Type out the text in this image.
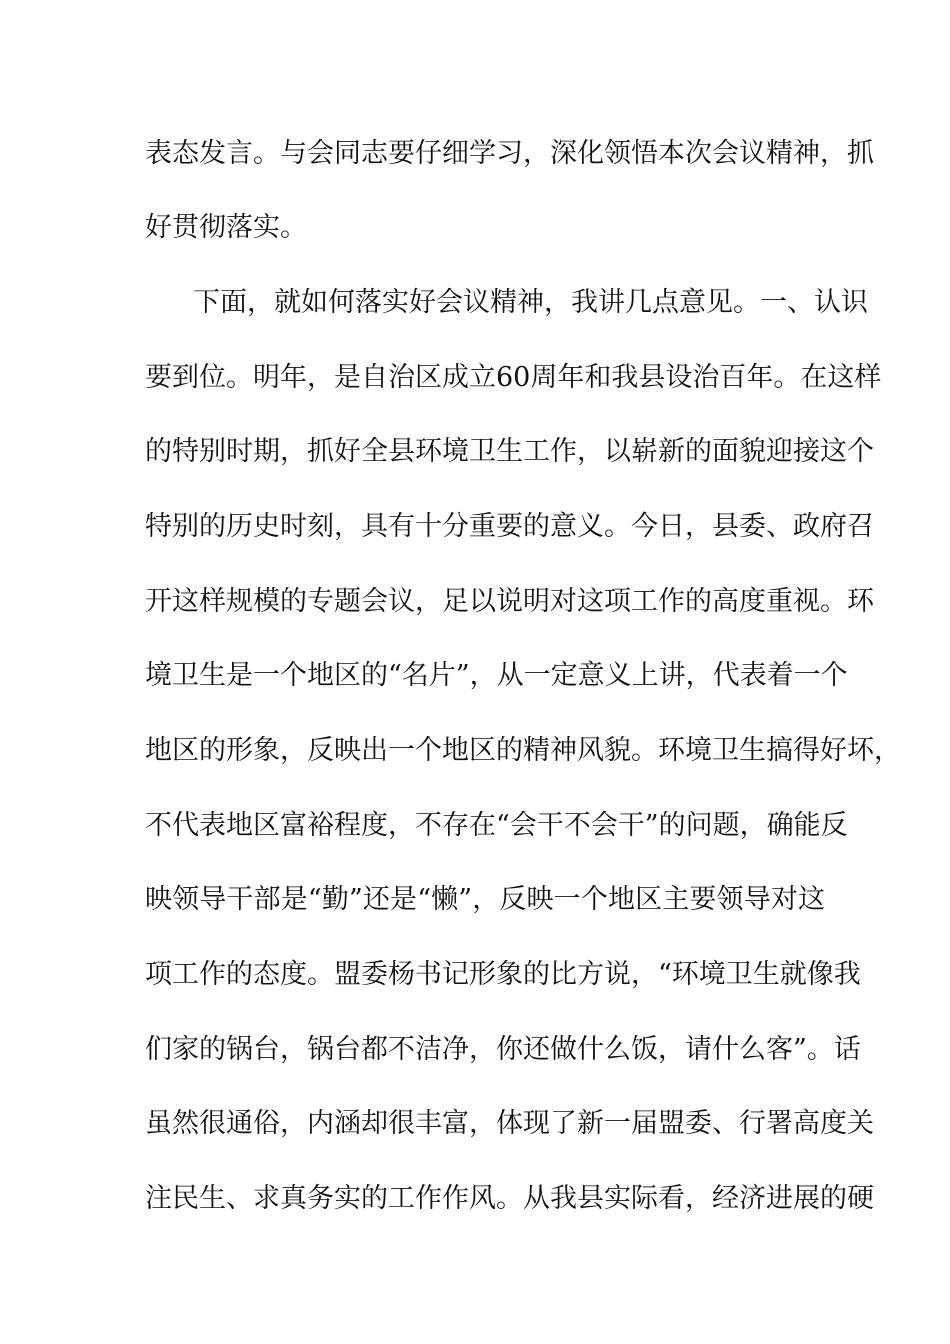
表态发言。与会同志要仔细学习，深化领悟本次会议精神，抓
好贯彻落实。
下面，就如何落实好会议精神，我讲几点意见。一、认识
要到位。明年，是自治区成立60周年和我县设治百年。在这样
的特别时期，抓好全县环境卫生工作，以崭新的面貌迎接这个
特别的历史时刻，具有十分重要的意义。今日，县委、政府召
开这样规模的专题会议，足以说明对这项工作的高度重视。环
境卫生是一个地区的“名片”，从一定意义上讲，代表着一个
地区的形象，反映出一个地区的精神风貌。环境卫生搞得好坏，
不代表地区富裕程度，不存在“会干不会干”的问题，确能反
映领导干部是“勤”还是“懒”，反映一个地区主要领导对这
项工作的态度。盟委杨书记形象的比方说，“环境卫生就像我
们家的锅台，锅台都不洁净，你还做什么饭，请什么客”。话
虽然很通俗，内涵却很丰富，体现了新一届盟委、行署高度关
注民生、求真务实的工作作风。从我县实际看，经济进展的硬
